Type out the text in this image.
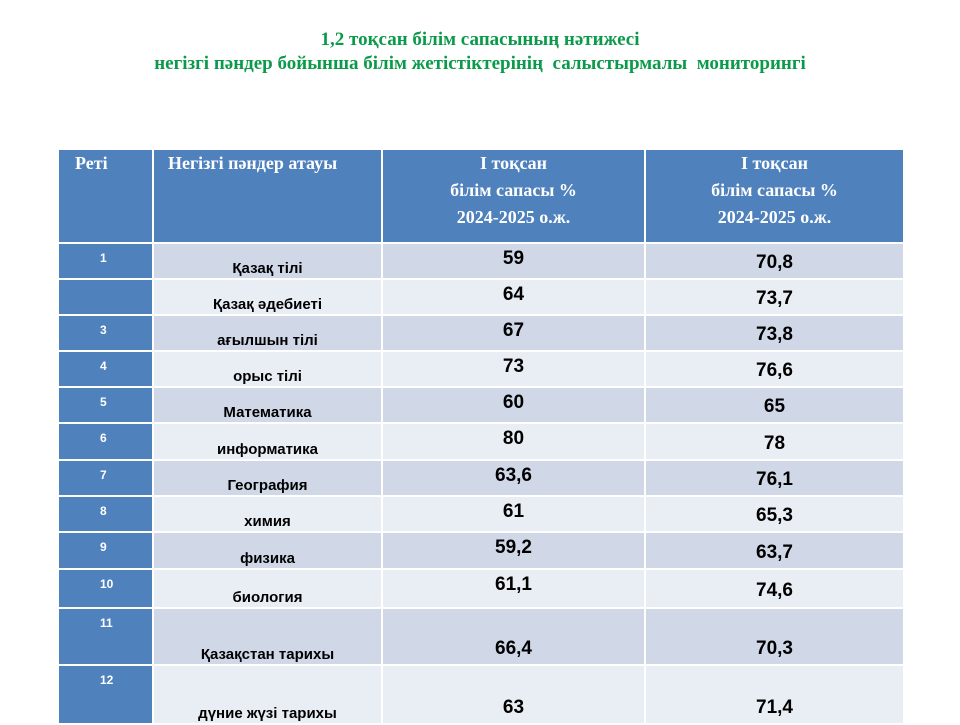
1,2 тоқсан білім сапасының нәтижесі
негізгі пәндер бойынша білім жетістіктерінің  салыстырмалы  мониторингі
Реті	Негізгі пәндер атауы	І тоқсан
білім сапасы %
2024-2025 о.ж.	І тоқсан
білім сапасы %
2024-2025 о.ж.

1	Қазақ тілі	59	70,8
	Қазақ әдебиеті	64	73,7
3	ағылшын тілі	67	73,8
4	орыс тілі	73	76,6
5	Математика	60	65
6	информатика	80	78
7	География	63,6	76,1
8	химия	61	65,3
9	физика	59,2	63,7
10	биология	61,1	74,6
11	Қазақстан тарихы	66,4	70,3
12	дүние жүзі тарихы	63	71,4
